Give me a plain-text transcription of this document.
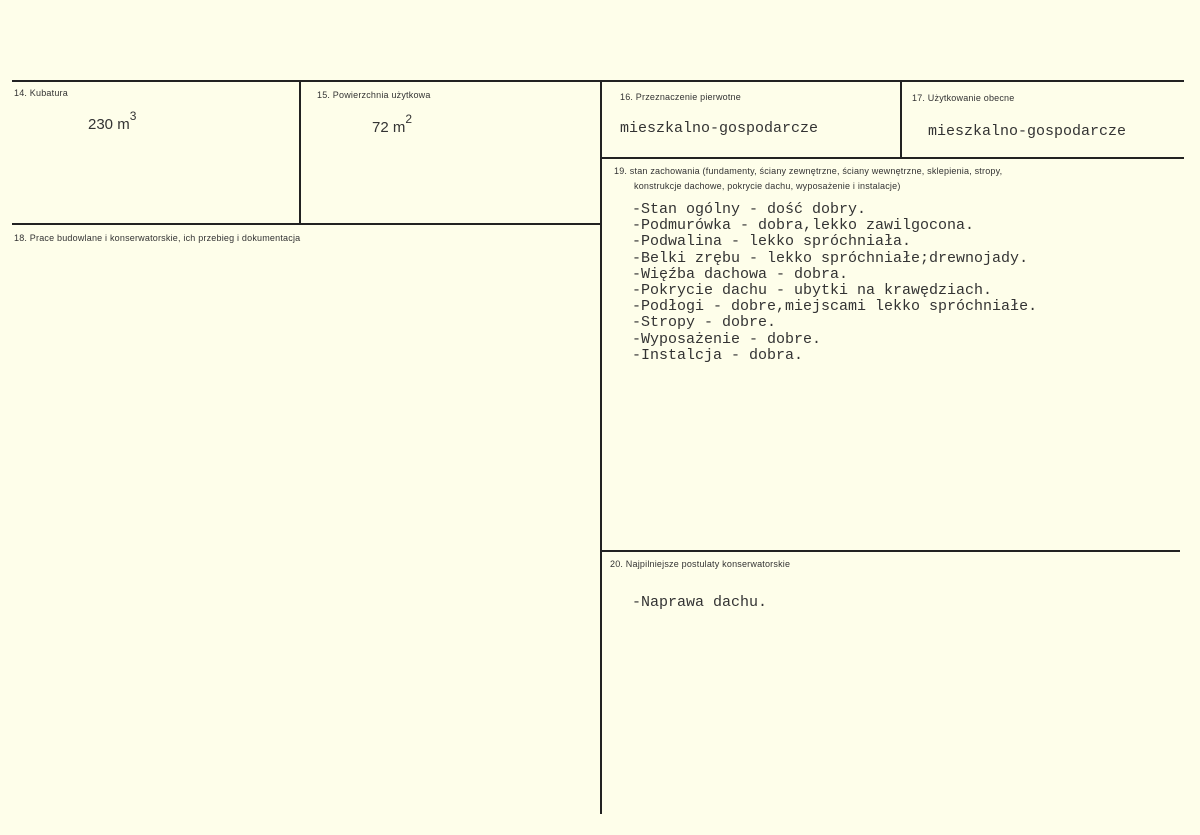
14. Kubatura
230 $m^3$
15. Powierzchnia użytkowa
72 $m^2$
16. Przeznaczenie pierwotne
mieszkalno-gospodarcze
17. Użytkowanie obecne
mieszkalno-gospodarcze
18. Prace budowlane i konserwatorskie, ich przebieg i dokumentacja
19. stan zachowania (fundamenty, ściany zewnętrzne, ściany wewnętrzne, sklepienia, stropy,
konstrukcje dachowe, pokrycie dachu, wyposażenie i instalacje)
-Stan ogólny - dość dobry.
-Podmurówka - dobra,lekko zawilgocona.
-Podwalina - lekko spróchniała.
-Belki zrębu - lekko spróchniałe;drewnojady.
-Więźba dachowa - dobra.
-Pokrycie dachu - ubytki na krawędziach.
-Podłogi - dobre,miejscami lekko spróchniałe.
-Stropy - dobre.
-Wyposażenie - dobre.
-Instalcja - dobra.
20. Najpilniejsze postulaty konserwatorskie
-Naprawa dachu.
